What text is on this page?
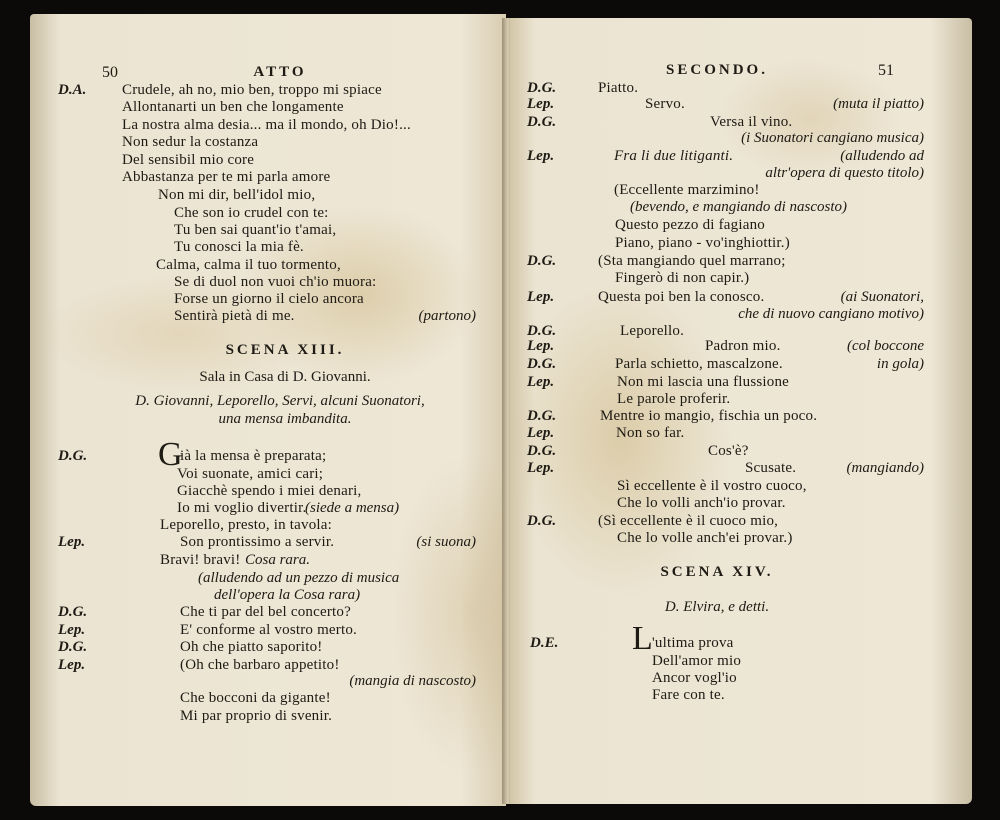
50	ATTO
SCENA XIII.
Sala in Casa di D. Giovanni.
D. Giovanni, Leporello, Servi, alcuni Suonatori,
una mensa imbandita.
G
D.A. Crudele, ah no, mio ben, troppo mi spiace
Allontanarti un ben che longamente
La nostra alma desia... ma il mondo, oh Dio!...
Non sedur la costanza
Del sensibil mio core
Abbastanza per te mi parla amore
Non mi dir, bell'idol mio,
Che son io crudel con te:
Tu ben sai quant'io t'amai,
Tu conosci la mia fè.
Calma, calma il tuo tormento,
Se di duol non vuoi ch'io muora:
Forse un giorno il cielo ancora
Sentirà pietà di me.	(partono)
D.G.	ià la mensa è preparata;
Voi suonate, amici cari;
Giacchè spendo i miei denari,
Io mi voglio divertir.
(siede a mensa)
Leporello, presto, in tavola:
Lep.	Son prontissimo a servir.	(si suona)
Bravi! bravi! Cosa rara.
(alludendo ad un pezzo di musica
dell'opera la Cosa rara)
D.G.	Che ti par del bel concerto?
Lep.	E' conforme al vostro merto.
D.G.	Oh che piatto saporito!
Lep.	(Oh che barbaro appetito!
(mangia di nascosto)
Che bocconi da gigante!
Mi par proprio di svenir.
51
SECONDO.
SCENA XIV.
D. Elvira, e detti.
L
D.G.	Piatto.
Lep.	Servo.	(muta il piatto)
D.G.	Versa il vino.
(i Suonatori cangiano musica)
Lep.	Fra li due litiganti.	(alludendo ad
altr'opera di questo titolo)
(Eccellente marzimino!
(bevendo, e mangiando di nascosto)
Questo pezzo di fagiano
Piano, piano - vo'inghiottir.)
D.G.	(Sta mangiando quel marrano;
Fingerò di non capir.)
Lep.	Questa poi ben la conosco.	(ai Suonatori,
che di nuovo cangiano motivo)
D.G.	Leporello.
Lep.	Padron mio.	(col boccone
D.G.	Parla schietto, mascalzone.	in gola)
Lep.	Non mi lascia una flussione
Le parole proferir.
D.G.	Mentre io mangio, fischia un poco.
Lep.	Non so far.
D.G.	Cos'è?
Lep.	Scusate.	(mangiando)
Sì eccellente è il vostro cuoco,
Che lo volli anch'io provar.
D.G.	(Sì eccellente è il cuoco mio,
Che lo volle anch'ei provar.)
D.E.	'ultima prova
Dell'amor mio
Ancor vogl'io
Fare con te.
